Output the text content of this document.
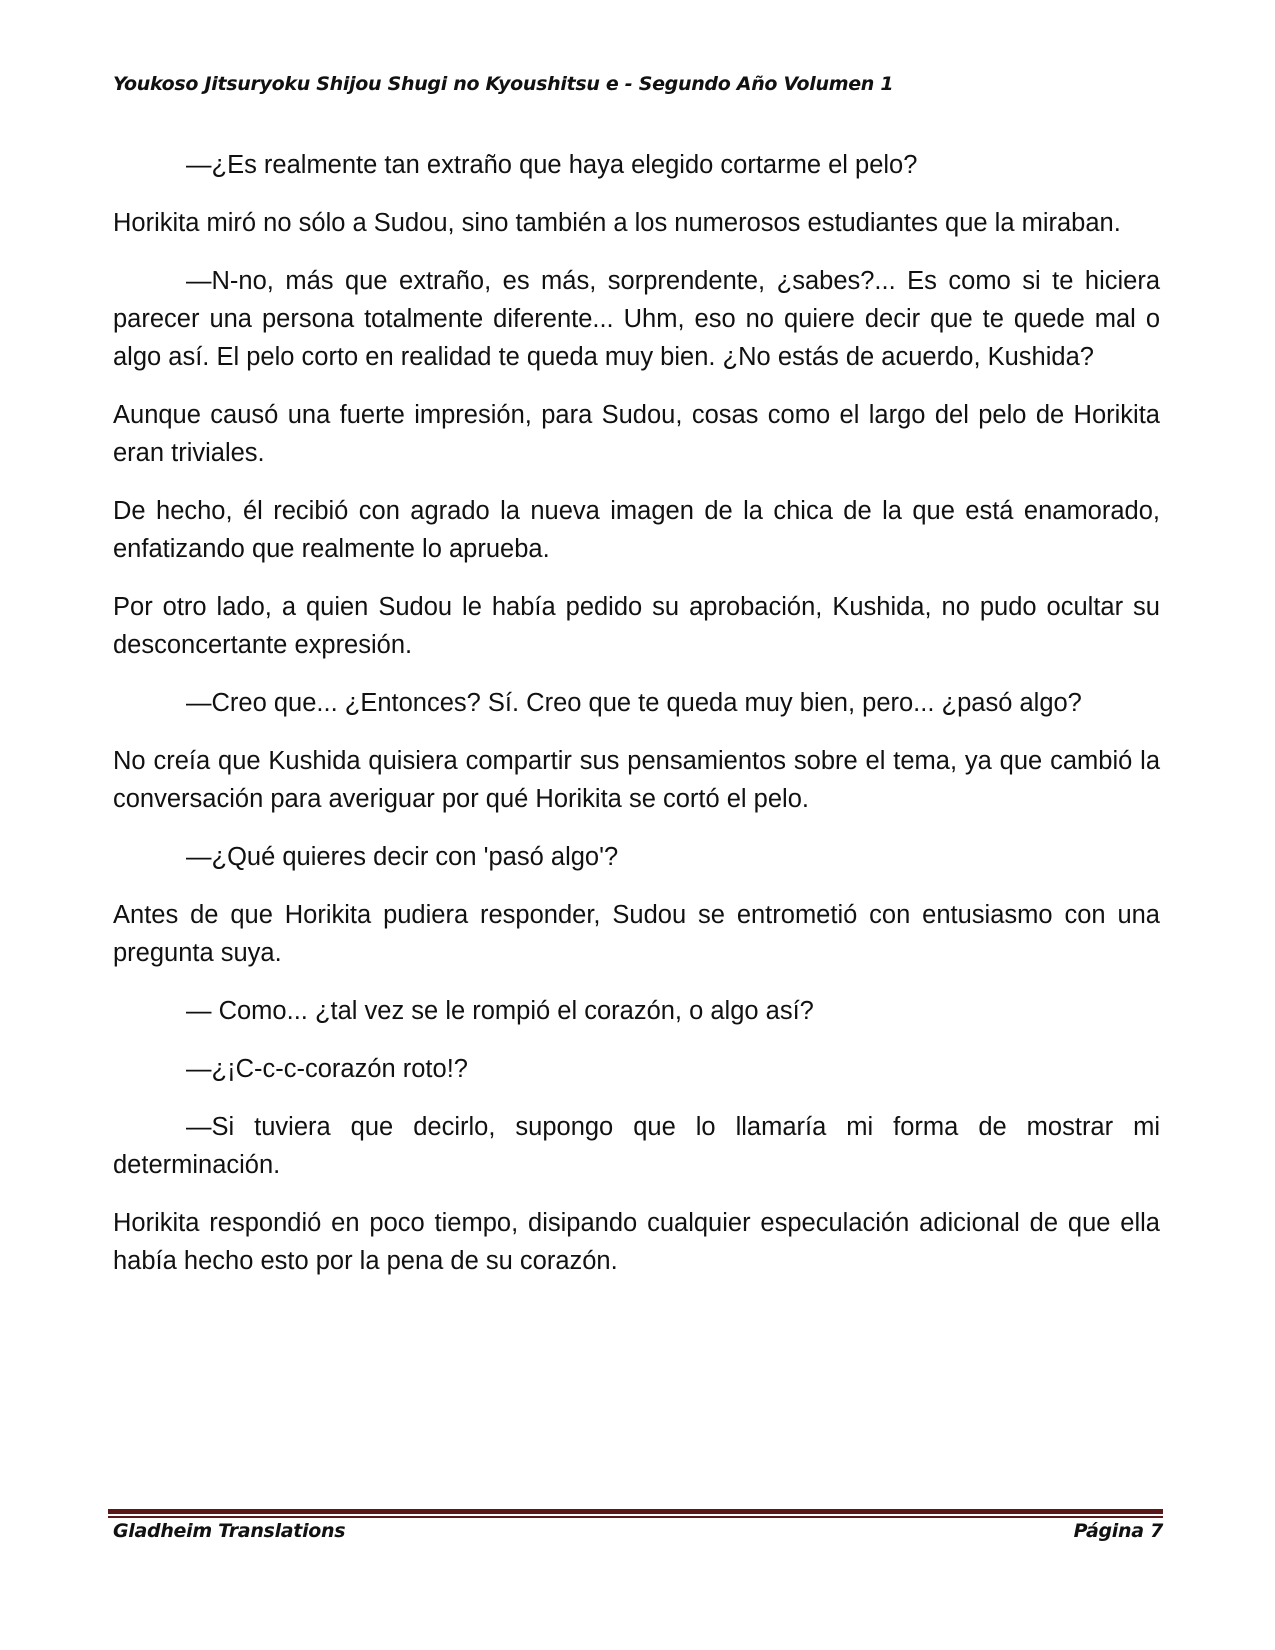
Youkoso Jitsuryoku Shijou Shugi no Kyoushitsu e - Segundo Año Volumen 1

—¿Es realmente tan extraño que haya elegido cortarme el pelo?

Horikita miró no sólo a Sudou, sino también a los numerosos estudiantes que la miraban.

—N-no, más que extraño, es más, sorprendente, ¿sabes?... Es como si te hiciera parecer una persona totalmente diferente... Uhm, eso no quiere decir que te quede mal o algo así. El pelo corto en realidad te queda muy bien. ¿No estás de acuerdo, Kushida?

Aunque causó una fuerte impresión, para Sudou, cosas como el largo del pelo de Horikita eran triviales.

De hecho, él recibió con agrado la nueva imagen de la chica de la que está enamorado, enfatizando que realmente lo aprueba.

Por otro lado, a quien Sudou le había pedido su aprobación, Kushida, no pudo ocultar su desconcertante expresión.

—Creo que... ¿Entonces? Sí. Creo que te queda muy bien, pero... ¿pasó algo?

No creía que Kushida quisiera compartir sus pensamientos sobre el tema, ya que cambió la conversación para averiguar por qué Horikita se cortó el pelo.

—¿Qué quieres decir con 'pasó algo'?

Antes de que Horikita pudiera responder, Sudou se entrometió con entusiasmo con una pregunta suya.

— Como... ¿tal vez se le rompió el corazón, o algo así?

—¿¡C-c-c-corazón roto!?

—Si tuviera que decirlo, supongo que lo llamaría mi forma de mostrar mi determinación.

Horikita respondió en poco tiempo, disipando cualquier especulación adicional de que ella había hecho esto por la pena de su corazón.

Gladheim Translations	Página 7
